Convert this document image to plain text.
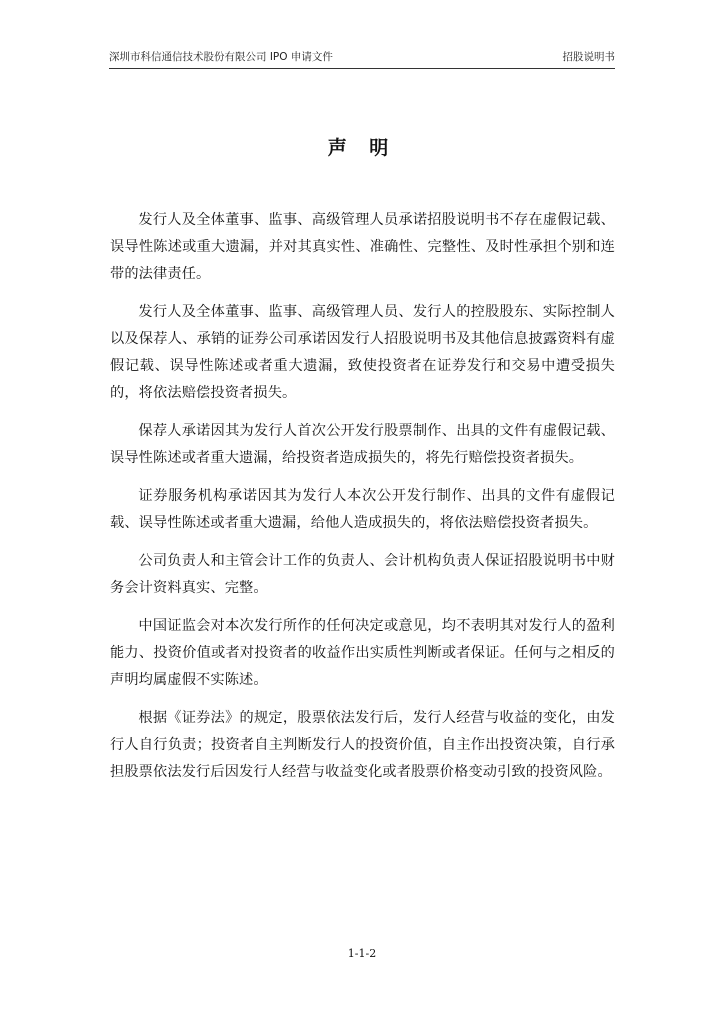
深圳市科信通信技术股份有限公司 IPO 申请文件	招股说明书
声 明

发行人及全体董事、监事、高级管理人员承诺招股说明书不存在虚假记载、误导性陈述或重大遗漏，并对其真实性、准确性、完整性、及时性承担个别和连带的法律责任。

发行人及全体董事、监事、高级管理人员、发行人的控股股东、实际控制人以及保荐人、承销的证券公司承诺因发行人招股说明书及其他信息披露资料有虚假记载、误导性陈述或者重大遗漏，致使投资者在证券发行和交易中遭受损失的，将依法赔偿投资者损失。

保荐人承诺因其为发行人首次公开发行股票制作、出具的文件有虚假记载、误导性陈述或者重大遗漏，给投资者造成损失的，将先行赔偿投资者损失。

证券服务机构承诺因其为发行人本次公开发行制作、出具的文件有虚假记载、误导性陈述或者重大遗漏，给他人造成损失的，将依法赔偿投资者损失。

公司负责人和主管会计工作的负责人、会计机构负责人保证招股说明书中财务会计资料真实、完整。

中国证监会对本次发行所作的任何决定或意见，均不表明其对发行人的盈利能力、投资价值或者对投资者的收益作出实质性判断或者保证。任何与之相反的声明均属虚假不实陈述。

根据《证券法》的规定，股票依法发行后，发行人经营与收益的变化，由发行人自行负责；投资者自主判断发行人的投资价值，自主作出投资决策，自行承担股票依法发行后因发行人经营与收益变化或者股票价格变动引致的投资风险。

1-1-2
